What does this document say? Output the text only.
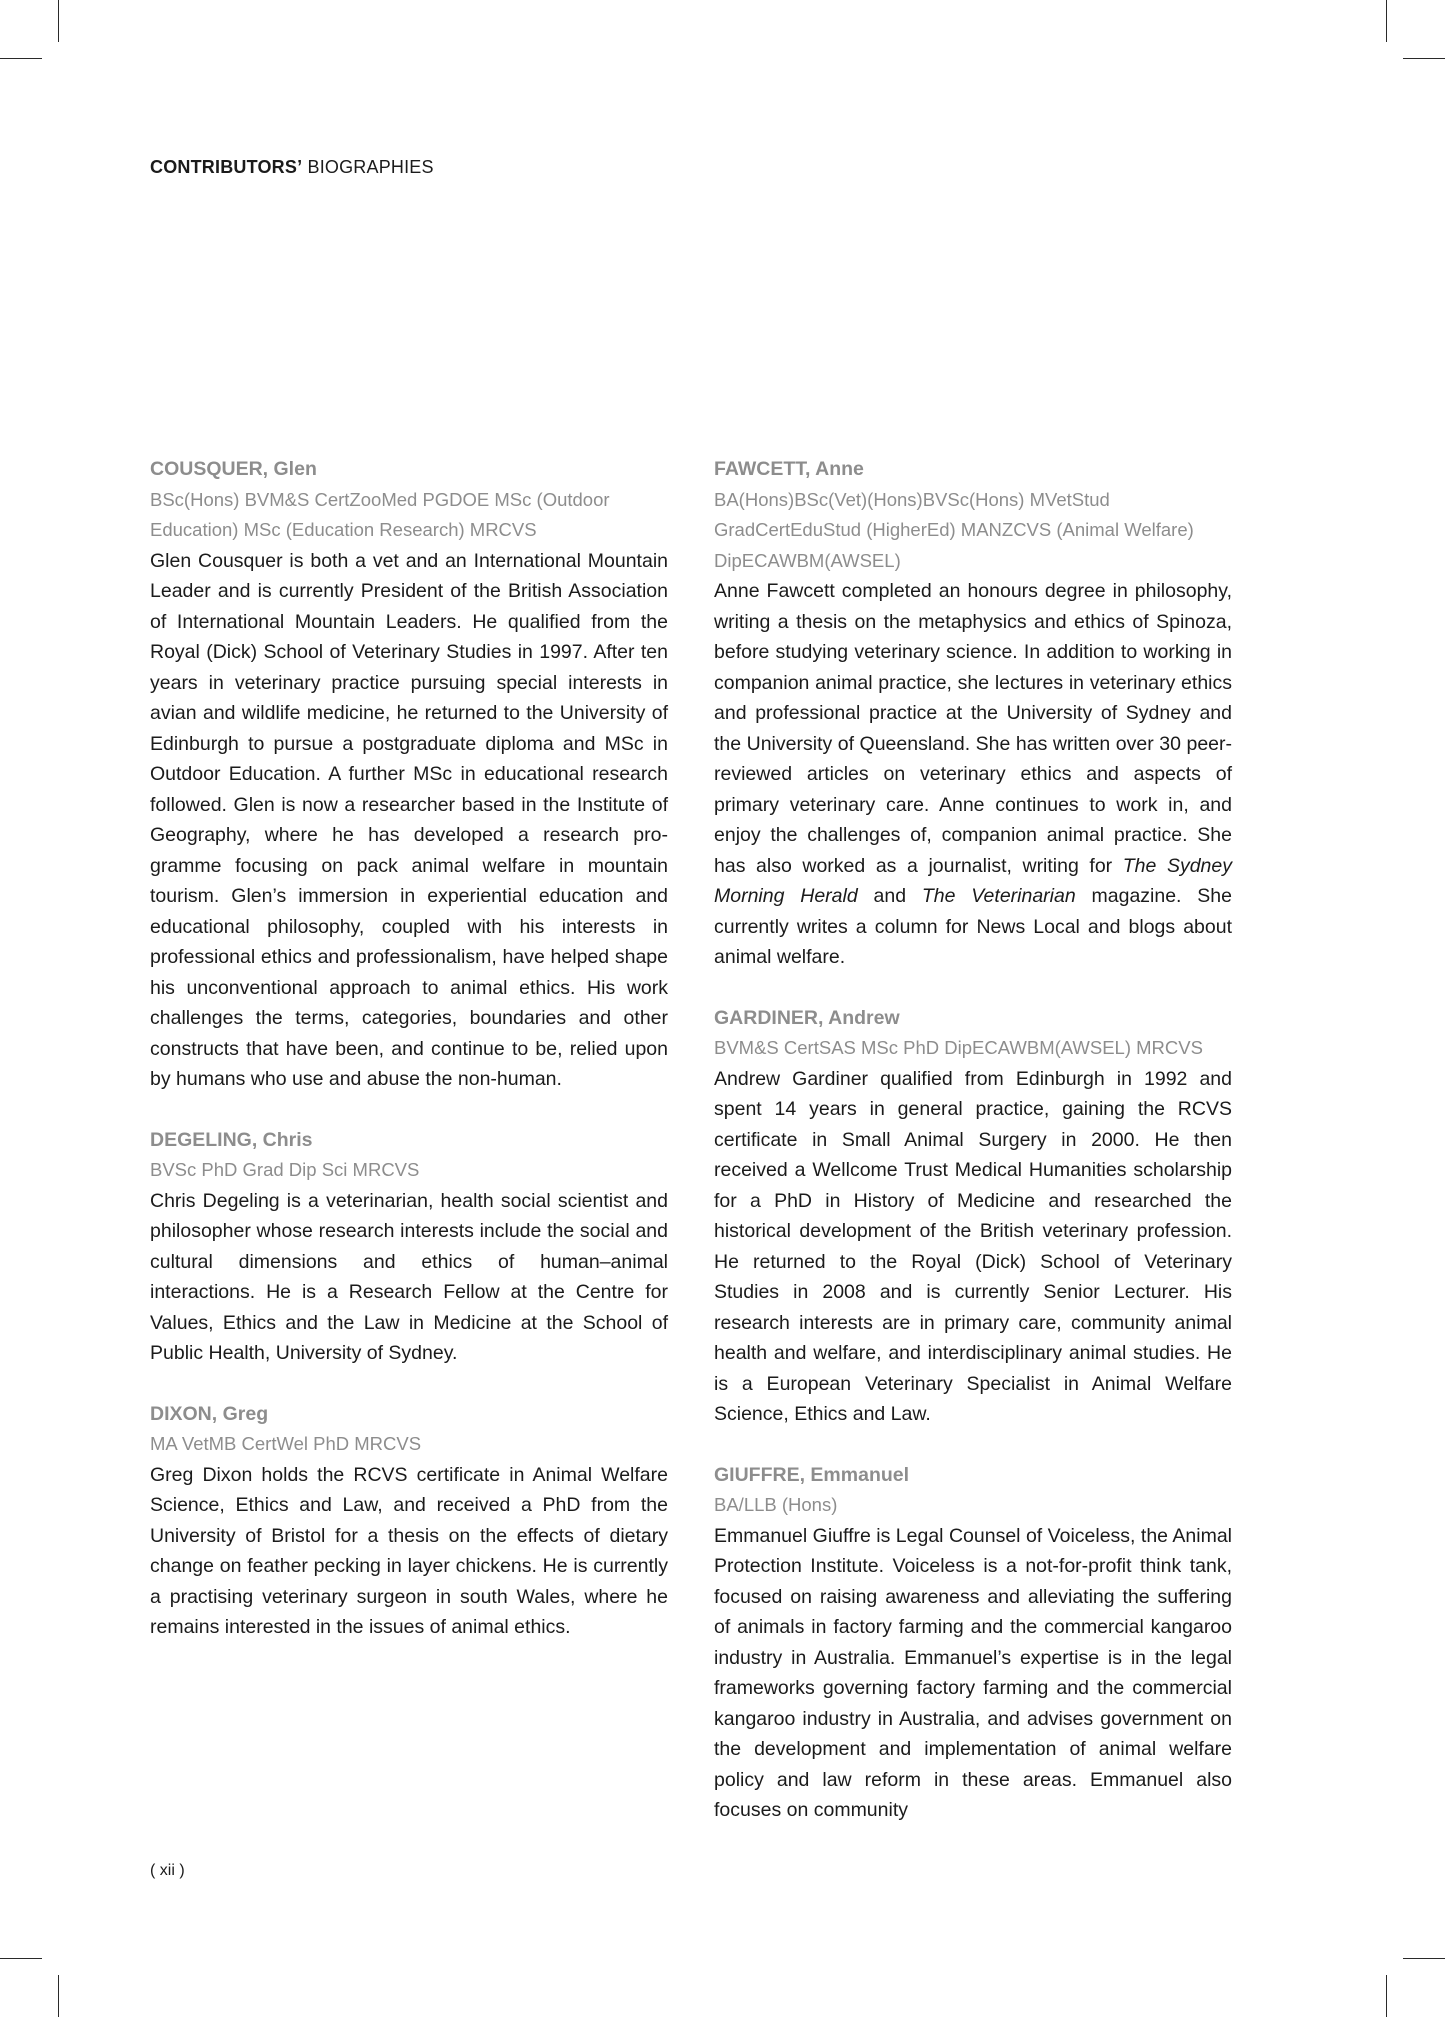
CONTRIBUTORS’ BIOGRAPHIES
COUSQUER, Glen
BSc(Hons) BVM&S CertZooMed PGDOE MSc (Outdoor Education) MSc (Education Research) MRCVS
Glen Cousquer is both a vet and an International Mountain Leader and is currently President of the British Association of International Mountain Leaders. He qualified from the Royal (Dick) School of Veterinary Studies in 1997. After ten years in veterinary practice pursuing special interests in avian and wildlife medicine, he returned to the University of Edinburgh to pursue a postgraduate diploma and MSc in Outdoor Education. A further MSc in educational research followed. Glen is now a researcher based in the Institute of Geography, where he has developed a research programme focusing on pack animal welfare in mountain tourism. Glen’s immersion in experiential education and educational philosophy, coupled with his interests in professional ethics and professionalism, have helped shape his unconventional approach to animal ethics. His work challenges the terms, categories, boundaries and other constructs that have been, and continue to be, relied upon by humans who use and abuse the non-human.
DEGELING, Chris
BVSc PhD Grad Dip Sci MRCVS
Chris Degeling is a veterinarian, health social scientist and philosopher whose research interests include the social and cultural dimensions and ethics of human–animal interactions. He is a Research Fellow at the Centre for Values, Ethics and the Law in Medicine at the School of Public Health, University of Sydney.
DIXON, Greg
MA VetMB CertWel PhD MRCVS
Greg Dixon holds the RCVS certificate in Animal Welfare Science, Ethics and Law, and received a PhD from the University of Bristol for a thesis on the effects of dietary change on feather pecking in layer chickens. He is currently a practising veterinary surgeon in south Wales, where he remains interested in the issues of animal ethics.
FAWCETT, Anne
BA(Hons)BSc(Vet)(Hons)BVSc(Hons) MVetStud GradCertEduStud (HigherEd) MANZCVS (Animal Welfare) DipECAWBM(AWSEL)
Anne Fawcett completed an honours degree in philosophy, writing a thesis on the metaphysics and ethics of Spinoza, before studying veterinary science. In addition to working in companion animal practice, she lectures in veterinary ethics and professional practice at the University of Sydney and the University of Queensland. She has written over 30 peer-reviewed articles on veterinary ethics and aspects of primary veterinary care. Anne continues to work in, and enjoy the challenges of, companion animal practice. She has also worked as a journalist, writing for The Sydney Morning Herald and The Veterinarian magazine. She currently writes a column for News Local and blogs about animal welfare.
GARDINER, Andrew
BVM&S CertSAS MSc PhD DipECAWBM(AWSEL) MRCVS
Andrew Gardiner qualified from Edinburgh in 1992 and spent 14 years in general practice, gaining the RCVS certificate in Small Animal Surgery in 2000. He then received a Wellcome Trust Medical Humanities scholarship for a PhD in History of Medicine and researched the historical development of the British veterinary profession. He returned to the Royal (Dick) School of Veterinary Studies in 2008 and is currently Senior Lecturer. His research interests are in primary care, community animal health and welfare, and interdisciplinary animal studies. He is a European Veterinary Specialist in Animal Welfare Science, Ethics and Law.
GIUFFRE, Emmanuel
BA/LLB (Hons)
Emmanuel Giuffre is Legal Counsel of Voiceless, the Animal Protection Institute. Voiceless is a not-for-profit think tank, focused on raising awareness and alleviating the suffering of animals in factory farming and the commercial kangaroo industry in Australia. Emmanuel’s expertise is in the legal frameworks governing factory farming and the commercial kangaroo industry in Australia, and advises government on the development and implementation of animal welfare policy and law reform in these areas. Emmanuel also focuses on community
( xii )
